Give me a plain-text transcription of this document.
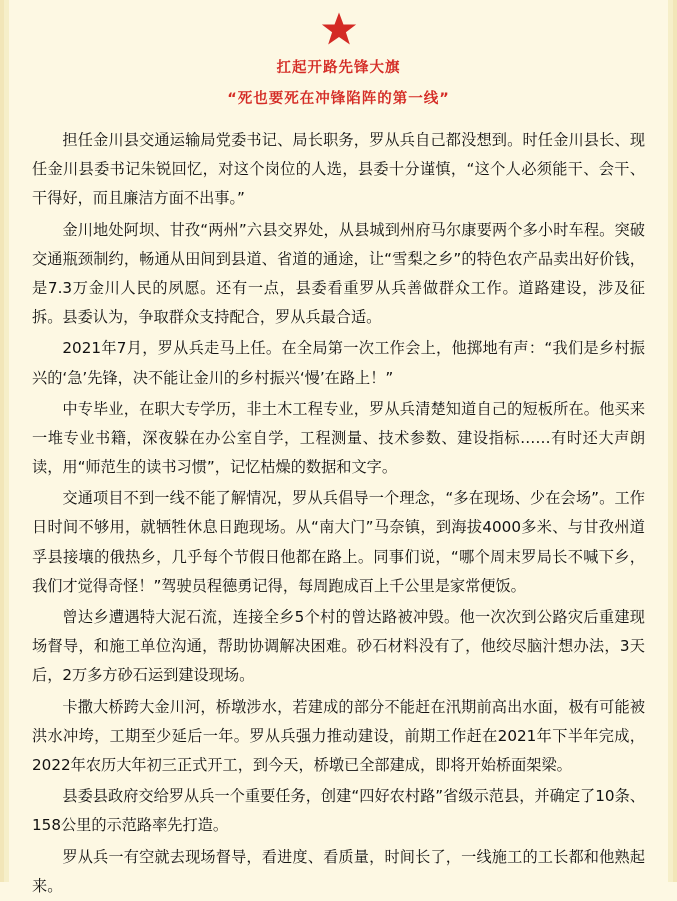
扛起开路先锋大旗
“死也要死在冲锋陷阵的第一线”

担任金川县交通运输局党委书记、局长职务，罗从兵自己都没想到。时任金川县长、现任金川县委书记朱锐回忆，对这个岗位的人选，县委十分谨慎，“这个人必须能干、会干、干得好，而且廉洁方面不出事。”

金川地处阿坝、甘孜“两州”六县交界处，从县城到州府马尔康要两个多小时车程。突破交通瓶颈制约，畅通从田间到县道、省道的通途，让“雪梨之乡”的特色农产品卖出好价钱，是7.3万金川人民的夙愿。还有一点，县委看重罗从兵善做群众工作。道路建设，涉及征拆。县委认为，争取群众支持配合，罗从兵最合适。

2021年7月，罗从兵走马上任。在全局第一次工作会上，他掷地有声：“我们是乡村振兴的‘急’先锋，决不能让金川的乡村振兴‘慢’在路上！”

中专毕业，在职大专学历，非土木工程专业，罗从兵清楚知道自己的短板所在。他买来一堆专业书籍，深夜躲在办公室自学，工程测量、技术参数、建设指标……有时还大声朗读，用“师范生的读书习惯”，记忆枯燥的数据和文字。

交通项目不到一线不能了解情况，罗从兵倡导一个理念，“多在现场、少在会场”。工作日时间不够用，就牺牲休息日跑现场。从“南大门”马奈镇，到海拔4000多米、与甘孜州道孚县接壤的俄热乡，几乎每个节假日他都在路上。同事们说，“哪个周末罗局长不喊下乡，我们才觉得奇怪！”驾驶员程德勇记得，每周跑成百上千公里是家常便饭。

曾达乡遭遇特大泥石流，连接全乡5个村的曾达路被冲毁。他一次次到公路灾后重建现场督导，和施工单位沟通，帮助协调解决困难。砂石材料没有了，他绞尽脑汁想办法，3天后，2万多方砂石运到建设现场。

卡撒大桥跨大金川河，桥墩涉水，若建成的部分不能赶在汛期前高出水面，极有可能被洪水冲垮，工期至少延后一年。罗从兵强力推动建设，前期工作赶在2021年下半年完成，2022年农历大年初三正式开工，到今天，桥墩已全部建成，即将开始桥面架梁。

县委县政府交给罗从兵一个重要任务，创建“四好农村路”省级示范县，并确定了10条、158公里的示范路率先打造。

罗从兵一有空就去现场督导，看进度、看质量，时间长了，一线施工的工长都和他熟起来。
